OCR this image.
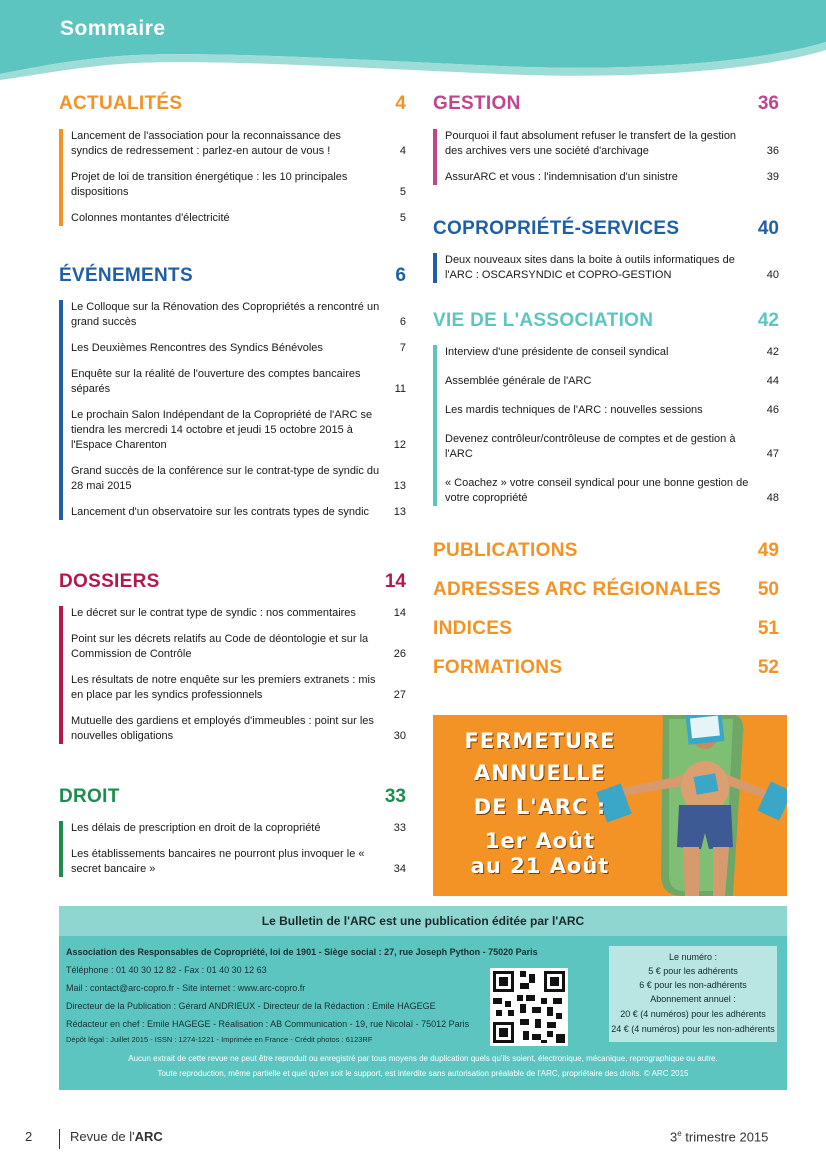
Sommaire
ACTUALITÉS	4
Lancement de l'association pour la reconnaissance des syndics de redressement : parlez-en autour de vous !	4
Projet de loi de transition énergétique : les 10 principales dispositions	5
Colonnes montantes d'électricité	5
ÉVÉNEMENTS	6
Le Colloque sur la Rénovation des Copropriétés a rencontré un grand succès	6
Les Deuxièmes Rencontres des Syndics Bénévoles	7
Enquête sur la réalité de l'ouverture des comptes bancaires séparés	11
Le prochain Salon Indépendant de la Copropriété de l'ARC se tiendra les mercredi 14 octobre et jeudi 15 octobre 2015 à l'Espace Charenton	12
Grand succès de la conférence sur le contrat-type de syndic du 28 mai 2015	13
Lancement d'un observatoire sur les contrats types de syndic 13
DOSSIERS	14
Le décret sur le contrat type de syndic : nos commentaires	14
Point sur les décrets relatifs au Code de déontologie et sur la Commission de Contrôle	26
Les résultats de notre enquête sur les premiers extranets : mis en place par les syndics professionnels	27
Mutuelle des gardiens et employés d'immeubles : point sur les nouvelles obligations	30
DROIT	33
Les délais de prescription en droit de la copropriété	33
Les établissements bancaires ne pourront plus invoquer le « secret bancaire »	34
GESTION	36
Pourquoi il faut absolument refuser le transfert de la gestion des archives vers une société d'archivage	36
AssurARC et vous : l'indemnisation d'un sinistre	39
COPROPRIÉTÉ-SERVICES	40
Deux nouveaux sites dans la boite à outils informatiques de l'ARC : OSCARSYNDIC et COPRO-GESTION	40
VIE DE L'ASSOCIATION	42
Interview d'une présidente de conseil syndical	42
Assemblée générale de l'ARC	44
Les mardis techniques de l'ARC : nouvelles sessions	46
Devenez contrôleur/contrôleuse de comptes et de gestion à l'ARC	47
« Coachez » votre conseil syndical pour une bonne gestion de votre copropriété	48
PUBLICATIONS	49
ADRESSES ARC RÉGIONALES 50
INDICES	51
FORMATIONS	52
FERMETURE
ANNUELLE
DE L'ARC :
1er Août
au 21 Août
Le Bulletin de l'ARC est une publication éditée par l'ARC
Association des Responsables de Copropriété, loi de 1901 - Siège social : 27, rue Joseph Python - 75020 Paris
Téléphone : 01 40 30 12 82 - Fax : 01 40 30 12 63
Mail : contact@arc-copro.fr - Site internet : www.arc-copro.fr
Directeur de la Publication : Gérard ANDRIEUX - Directeur de la Rédaction : Emile HAGEGE
Rédacteur en chef : Emile HAGEGE - Réalisation : AB Communication - 19, rue Nicolaï - 75012 Paris
Dépôt légal : Juillet 2015 - ISSN : 1274-1221 - Imprimée en France - Crédit photos : 6123RF
Le numéro :
5 € pour les adhérents
6 € pour les non-adhérents
Abonnement annuel :
20 € (4 numéros) pour les adhérents
24 € (4 numéros) pour les non-adhérents
Aucun extrait de cette revue ne peut être reproduit ou enregistré par tous moyens de duplication quels qu'ils soient, électronique, mécanique, reprographique ou autre.
Toute reproduction, même partielle et quel qu'en soit le support, est interdite sans autorisation préalable de l'ARC, propriétaire des droits. © ARC 2015
2	Revue de l'ARC	3e trimestre 2015
